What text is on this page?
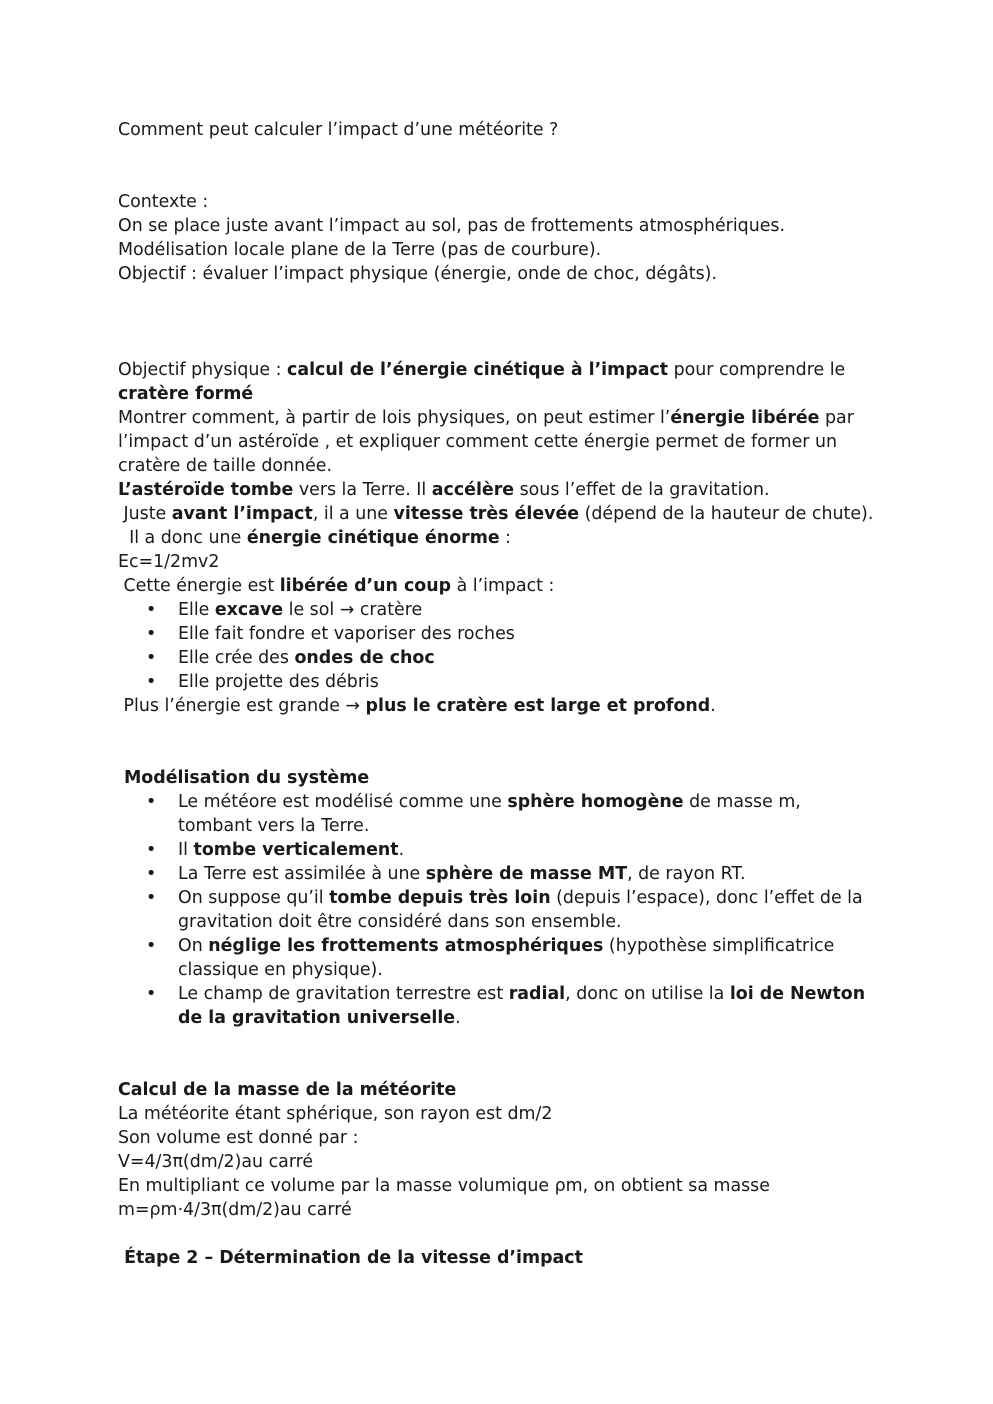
Comment peut calculer l’impact d’une météorite ?
Contexte :
On se place juste avant l’impact au sol, pas de frottements atmosphériques.
Modélisation locale plane de la Terre (pas de courbure).
Objectif : évaluer l’impact physique (énergie, onde de choc, dégâts).
Objectif physique : calcul de l’énergie cinétique à l’impact pour comprendre le cratère formé
Montrer comment, à partir de lois physiques, on peut estimer l’énergie libérée par l’impact d’un astéroïde , et expliquer comment cette énergie permet de former un cratère de taille donnée.
L’astéroïde tombe vers la Terre. Il accélère sous l’effet de la gravitation.
Juste avant l’impact, il a une vitesse très élevée (dépend de la hauteur de chute).
Il a donc une énergie cinétique énorme :
Ec=1/2mv2
Cette énergie est libérée d’un coup à l’impact :
• Elle excave le sol → cratère
• Elle fait fondre et vaporiser des roches
• Elle crée des ondes de choc
• Elle projette des débris
Plus l’énergie est grande → plus le cratère est large et profond.
Modélisation du système
• Le météore est modélisé comme une sphère homogène de masse m, tombant vers la Terre.
• Il tombe verticalement.
• La Terre est assimilée à une sphère de masse MT, de rayon RT.
• On suppose qu’il tombe depuis très loin (depuis l’espace), donc l’effet de la gravitation doit être considéré dans son ensemble.
• On néglige les frottements atmosphériques (hypothèse simplificatrice classique en physique).
• Le champ de gravitation terrestre est radial, donc on utilise la loi de Newton de la gravitation universelle.
Calcul de la masse de la météorite
La météorite étant sphérique, son rayon est dm/2
Son volume est donné par :
V=4/3π(dm/2)au carré
En multipliant ce volume par la masse volumique ρm, on obtient sa masse
m=ρm⋅4/3π(dm/2)au carré
Étape 2 – Détermination de la vitesse d’impact
